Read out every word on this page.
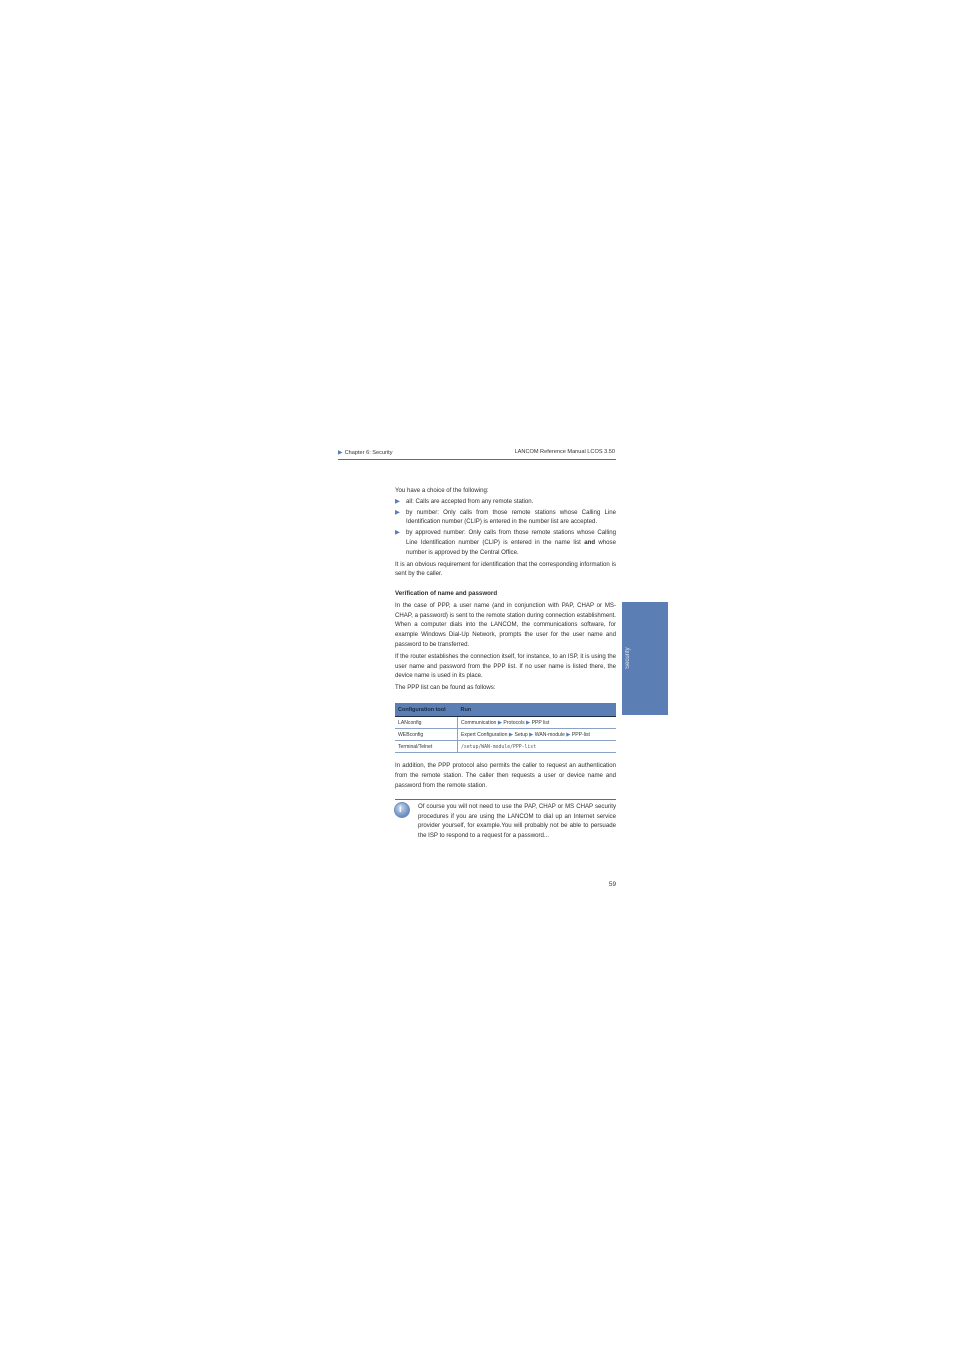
▶ Chapter 6: Security	LANCOM Reference Manual LCOS 3.50
Security

You have a choice of the following:

▶ all: Calls are accepted from any remote station.

▶ by number: Only calls from those remote stations whose Calling Line Identification number (CLIP) is entered in the number list are accepted.

▶ by approved number: Only calls from those remote stations whose Calling Line Identification number (CLIP) is entered in the name list and whose number is approved by the Central Office.

It is an obvious requirement for identification that the corresponding information is sent by the caller.

Verification of name and password

In the case of PPP, a user name (and in conjunction with PAP, CHAP or MS-CHAP, a password) is sent to the remote station during connection establishment. When a computer dials into the LANCOM, the communications software, for example Windows Dial-Up Network, prompts the user for the user name and password to be transferred.

If the router establishes the connection itself, for instance, to an ISP, it is using the user name and password from the PPP list. If no user name is listed there, the device name is used in its place.

The PPP list can be found as follows:

Configuration tool	Run
LANconfig	Communication ▶ Protocols ▶ PPP list
WEBconfig	Expert Configuration ▶ Setup ▶ WAN-module ▶ PPP-list
Terminal/Telnet	/setup/WAN-module/PPP-list

In addition, the PPP protocol also permits the caller to request an authentication from the remote station. The caller then requests a user or device name and password from the remote station.

i	Of course you will not need to use the PAP, CHAP or MS CHAP security procedures if you are using the LANCOM to dial up an Internet service provider yourself, for example.You will probably not be able to persuade the ISP to respond to a request for a password...
59
